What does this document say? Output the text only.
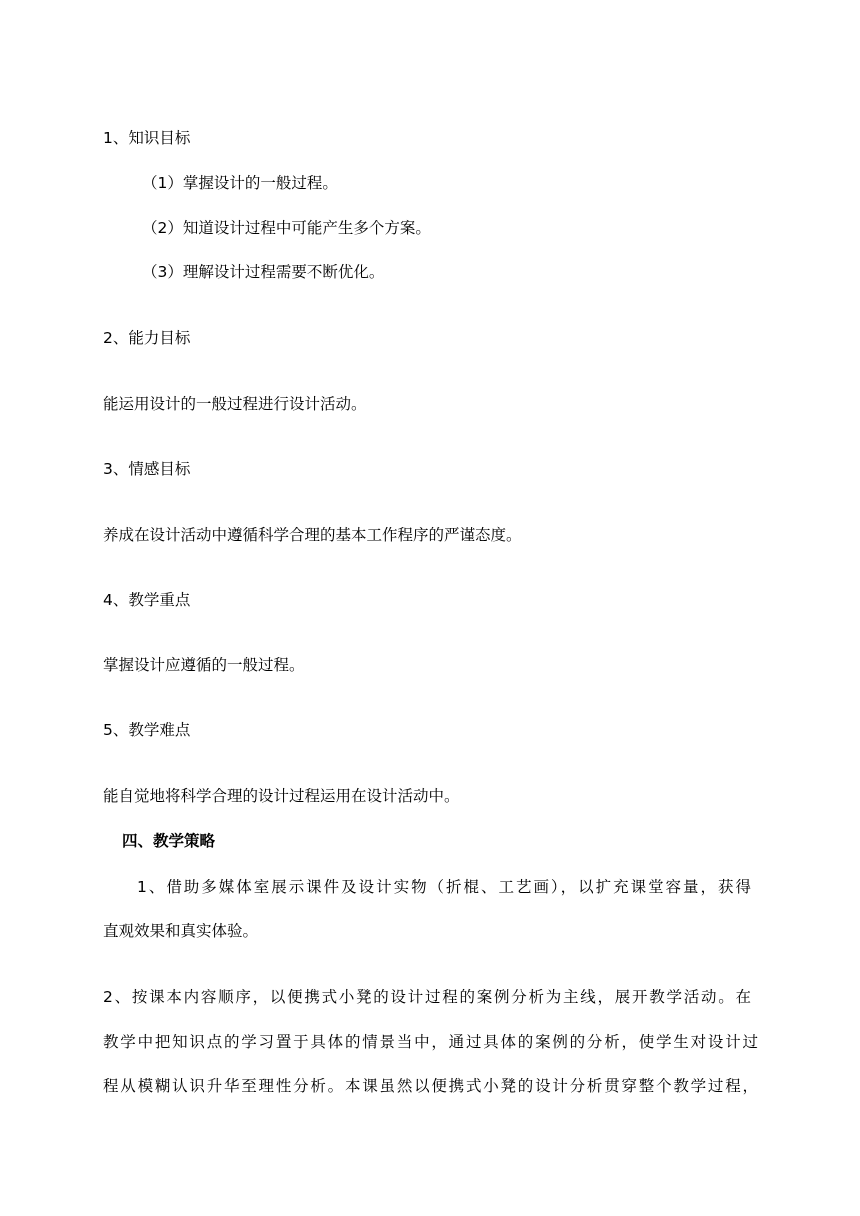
1、知识目标
（1）掌握设计的一般过程。
（2）知道设计过程中可能产生多个方案。
（3）理解设计过程需要不断优化。
2、能力目标
能运用设计的一般过程进行设计活动。
3、情感目标
养成在设计活动中遵循科学合理的基本工作程序的严谨态度。
4、教学重点
掌握设计应遵循的一般过程。
5、教学难点
能自觉地将科学合理的设计过程运用在设计活动中。
四、教学策略
1、借助多媒体室展示课件及设计实物（折棍、工艺画），以扩充课堂容量，获得
直观效果和真实体验。
2、按课本内容顺序，以便携式小凳的设计过程的案例分析为主线，展开教学活动。在
教学中把知识点的学习置于具体的情景当中，通过具体的案例的分析，使学生对设计过
程从模糊认识升华至理性分析。本课虽然以便携式小凳的设计分析贯穿整个教学过程，
